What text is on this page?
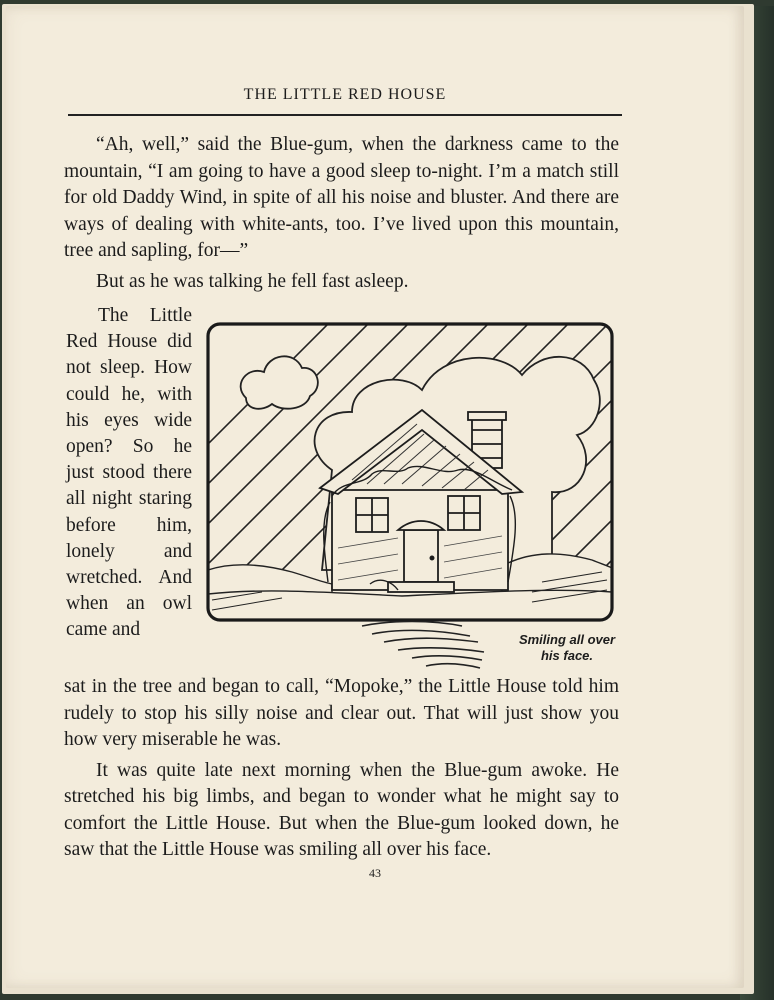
THE LITTLE RED HOUSE

“Ah, well,” said the Blue-gum, when the darkness came to the mountain, “I am going to have a good sleep to-night. I’m a match still for old Daddy Wind, in spite of all his noise and bluster. And there are ways of dealing with white-ants, too. I’ve lived upon this mountain, tree and sapling, for—”

But as he was talking he fell fast asleep.

The Little Red House did not sleep. How could he, with his eyes wide open? So he just stood there all night staring before him, lonely and wretched. And when an owl came and	Smiling all over
his face.

sat in the tree and began to call, “Mopoke,” the Little House told him rudely to stop his silly noise and clear out. That will just show you how very miserable he was.

It was quite late next morning when the Blue-gum awoke. He stretched his big limbs, and began to wonder what he might say to comfort the Little House. But when the Blue-gum looked down, he saw that the Little House was smiling all over his face.

43
